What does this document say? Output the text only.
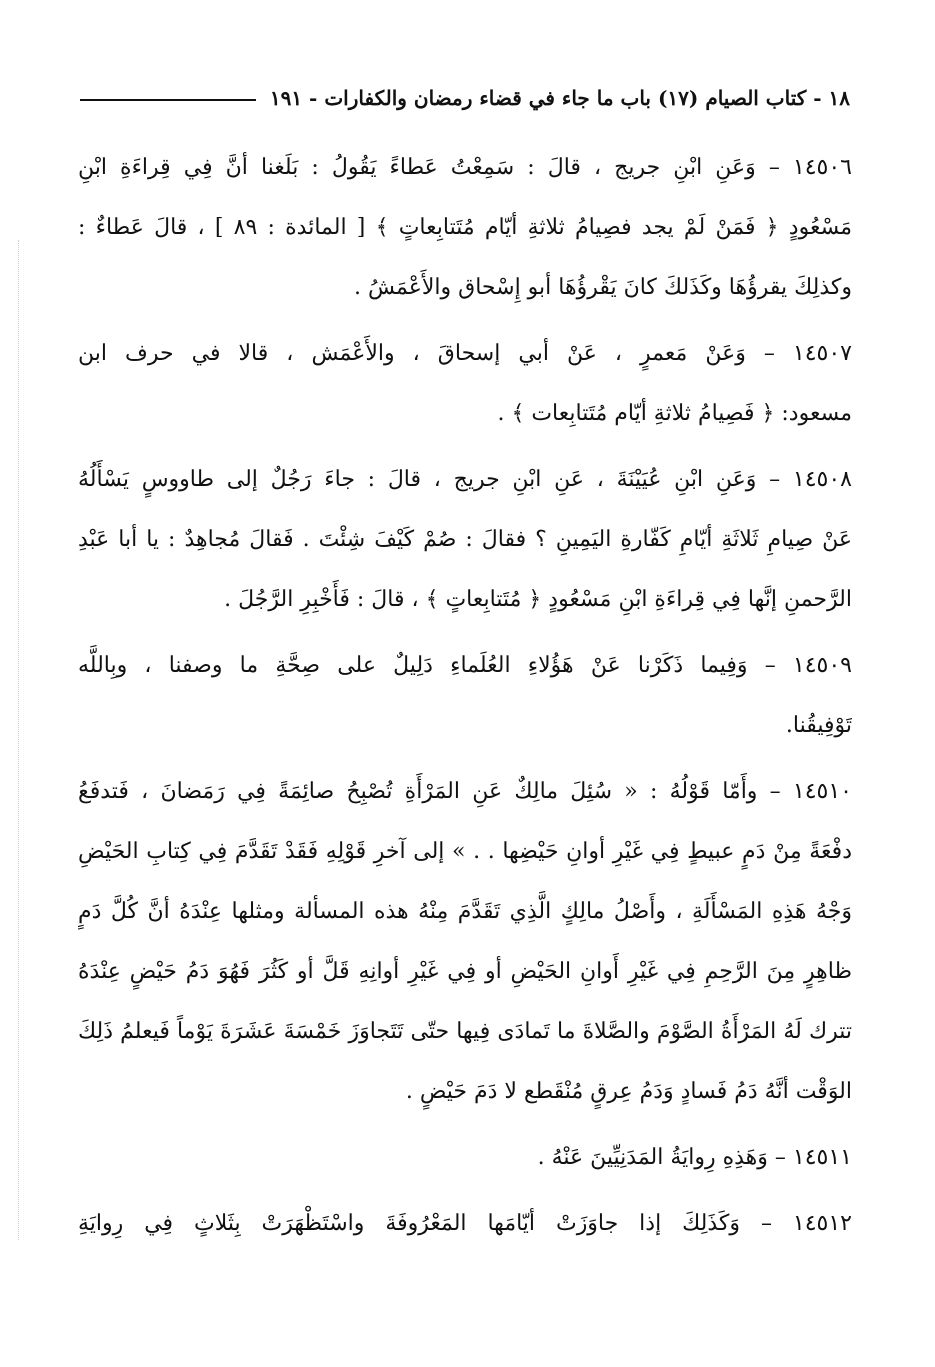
١٨ - كتاب الصيام (١٧) باب ما جاء في قضاء رمضان والكفارات - ١٩١
١٤٥٠٦ – وَعَنِ ابْنِ جريج ، قالَ : سَمِعْتُ عَطاءً يَقُولُ : بَلَغنا أنَّ فِي قِراءَةِ ابْنِ
مَسْعُودٍ ﴿ فَمَنْ لَمْ يجد فصِيامُ ثلاثةِ أيّام مُتَتابِعاتٍ ﴾ [ المائدة : ٨٩ ] ، قالَ عَطاءٌ :
وكذلِكَ يقرؤُهَا وكَذَلكَ كانَ يَقْرؤُهَا أبو إِسْحاق والأَعْمَشُ .
١٤٥٠٧ – وَعَنْ مَعمرٍ ، عَنْ أبي إسحاقَ ، والأَعْمَش ، قالا في حرف ابن
مسعود: ﴿ فَصِيامُ ثلاثةِ أيّام مُتَتابِعات ﴾ .
١٤٥٠٨ – وَعَنِ ابْنِ عُيَيْنَةَ ، عَنِ ابْنِ جريج ، قالَ : جاءَ رَجُلٌ إلى طاووسٍ يَسْأَلُهُ
عَنْ صِيامِ ثَلاثَةِ أيّامِ كَفّارةِ اليَمِينِ ؟ فقالَ : صُمْ كَيْفَ شِئْتَ . فَقالَ مُجاهِدٌ : يا أبا عَبْدِ
الرَّحمنِ إنَّها فِي قِراءَةِ ابْنِ مَسْعُودٍ ﴿ مُتَتابِعاتٍ ﴾ ، قالَ : فَأَخْبِرِ الرَّجُلَ .
١٤٥٠٩ – وَفِيما ذَكَرْنا عَنْ هَؤُلاءِ العُلَماءِ دَلِيلٌ على صِحَّةِ ما وصفنا ، وبِاللَّه
تَوْفِيقُنا.
١٤٥١٠ – وأَمّا قَوْلُهُ : « سُئِلَ مالِكٌ عَنِ المَرْأَةِ تُصْبِحُ صائِمَةً فِي رَمَضانَ ، فَتدفَعُ
دفْعَةً مِنْ دَمٍ عبيطٍ فِي غَيْرِ أوانِ حَيْضِها . . » إلى آخرِ قَوْلِهِ فَقَدْ تَقَدَّمَ فِي كِتابِ الحَيْضِ
وَجْهُ هَذِهِ المَسْأَلَةِ ، وأَصْلُ مالِكٍ الَّذِي تَقَدَّمَ مِنْهُ هذه المسألة ومثلها عِنْدَهُ أنَّ كُلَّ دَمٍ
ظاهِرٍ مِنَ الرَّحِمِ فِي غَيْرِ أَوانِ الحَيْضِ أو فِي غَيْرِ أوانِهِ قَلَّ أو كَثُرَ فَهُوَ دَمُ حَيْضٍ عِنْدَهُ
تترك لَهُ المَرْأَةُ الصَّوْمَ والصَّلاةَ ما تَمادَى فِيها حتّى تَتَجاوَزَ خَمْسَةَ عَشَرَةَ يَوْماً فَيعلمُ ذَلِكَ
الوَقْت أنَّهُ دَمُ فَسادٍ وَدَمُ عِرقٍ مُنْقَطع لا دَمَ حَيْضٍ .
١٤٥١١ – وَهَذِهِ رِوايَةُ المَدَنِيِّينَ عَنْهُ .
١٤٥١٢ – وَكَذَلِكَ إذا جاوَزَتْ أيّامَها المَعْرُوفَةَ واسْتَظْهَرَتْ بِثَلاثٍ فِي رِوايَةِ
